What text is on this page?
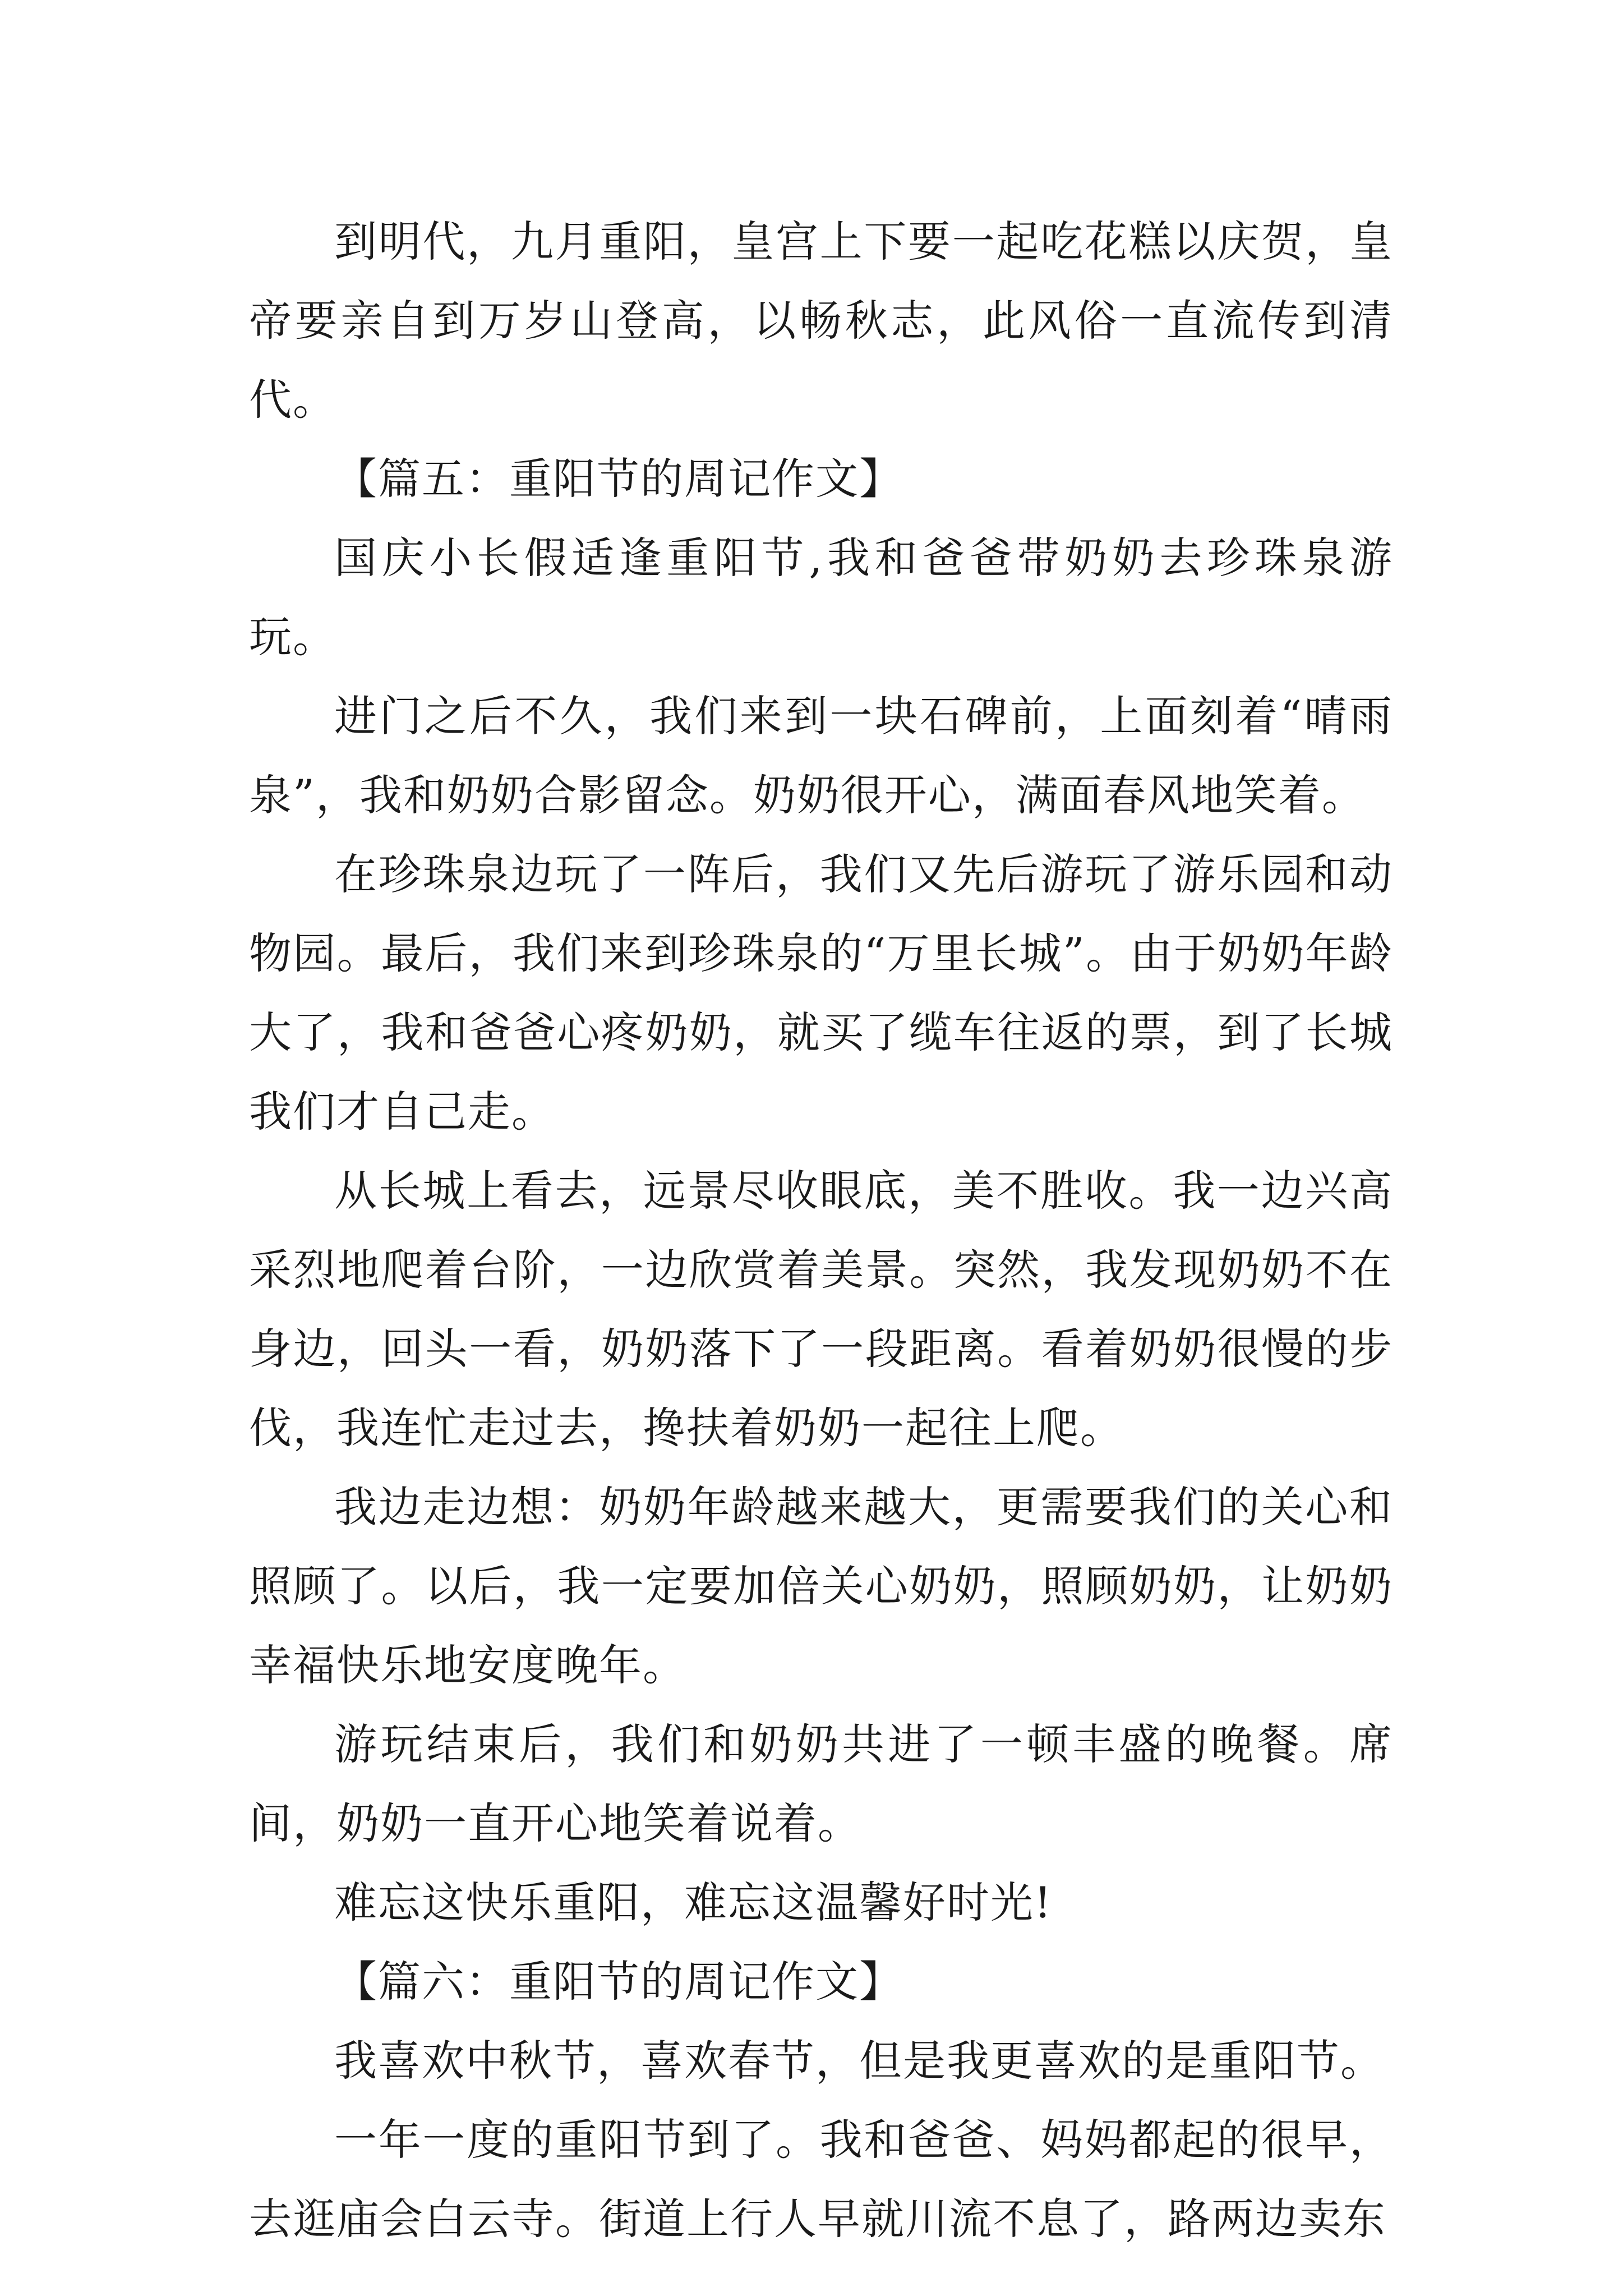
到明代，九月重阳，皇宫上下要一起吃花糕以庆贺，皇帝要亲自到万岁山登高，以畅秋志，此风俗一直流传到清代。

【篇五：重阳节的周记作文】

国庆小长假适逢重阳节,我和爸爸带奶奶去珍珠泉游玩。

进门之后不久，我们来到一块石碑前，上面刻着“晴雨泉”，我和奶奶合影留念。奶奶很开心，满面春风地笑着。

在珍珠泉边玩了一阵后，我们又先后游玩了游乐园和动物园。最后，我们来到珍珠泉的“万里长城”。由于奶奶年龄大了，我和爸爸心疼奶奶，就买了缆车往返的票，到了长城我们才自己走。

从长城上看去，远景尽收眼底，美不胜收。我一边兴高采烈地爬着台阶，一边欣赏着美景。突然，我发现奶奶不在身边，回头一看，奶奶落下了一段距离。看着奶奶很慢的步伐，我连忙走过去，搀扶着奶奶一起往上爬。

我边走边想：奶奶年龄越来越大，更需要我们的关心和照顾了。以后，我一定要加倍关心奶奶，照顾奶奶，让奶奶幸福快乐地安度晚年。

游玩结束后，我们和奶奶共进了一顿丰盛的晚餐。席间，奶奶一直开心地笑着说着。

难忘这快乐重阳，难忘这温馨好时光!

【篇六：重阳节的周记作文】

我喜欢中秋节，喜欢春节，但是我更喜欢的是重阳节。

一年一度的重阳节到了。我和爸爸、妈妈都起的很早，去逛庙会白云寺。街道上行人早就川流不息了，路两边卖东
